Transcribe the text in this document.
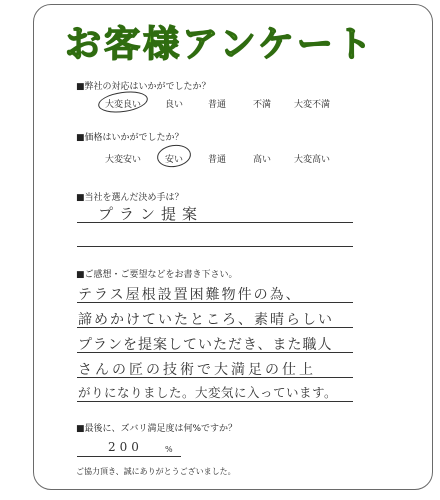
お客様アンケート
■弊社の対応はいかがでしたか？
大変良い	良い	普通	不満	大変不満
■価格はいかがでしたか？
大変安い	安い	普通	高い	大変高い
■当社を選んだ決め手は？
プラン提案
■ご感想・ご要望などをお書き下さい。
テラス屋根設置困難物件の為、
諦めかけていたところ、素晴らしい
プランを提案していただき、また職人
さんの匠の技術で大満足の仕上
がりになりました。大変気に入っています。
■最後に、ズバリ満足度は何%ですか？
200	%
ご協力頂き、誠にありがとうございました。
